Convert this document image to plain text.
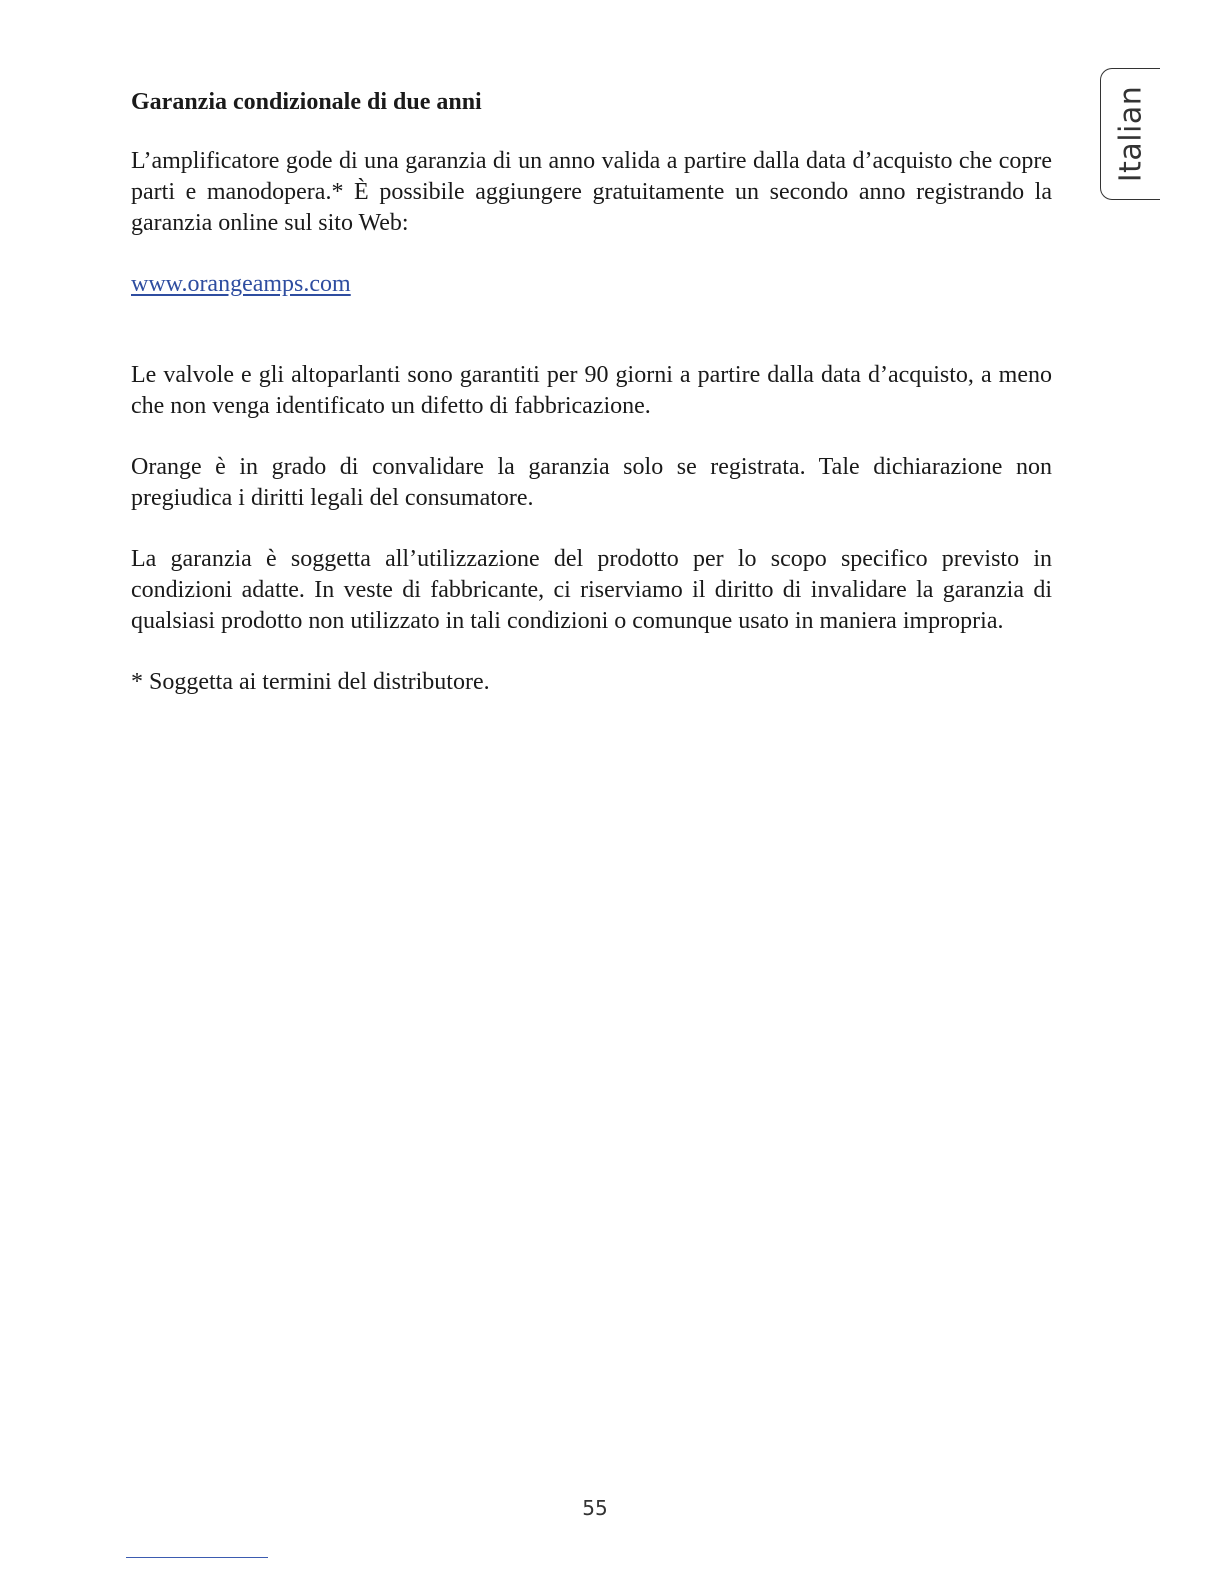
Italian
Garanzia condizionale di due anni

L’amplificatore gode di una garanzia di un anno valida a partire dalla data d’acquisto che copre parti e manodopera.* È possibile aggiungere gratuitamente un secondo anno registrando la garanzia online sul sito Web:

www.orangeamps.com

Le valvole e gli altoparlanti sono garantiti per 90 giorni a partire dalla data d’acquisto, a meno che non venga identificato un difetto di fabbricazione.

Orange è in grado di convalidare la garanzia solo se registrata. Tale dichiarazione non pregiudica i diritti legali del consumatore.

La garanzia è soggetta all’utilizzazione del prodotto per lo scopo specifico previsto in condizioni adatte. In veste di fabbricante, ci riserviamo il diritto di invalidare la garanzia di qualsiasi prodotto non utilizzato in tali condizioni o comunque usato in maniera impropria.

* Soggetta ai termini del distributore.

55
